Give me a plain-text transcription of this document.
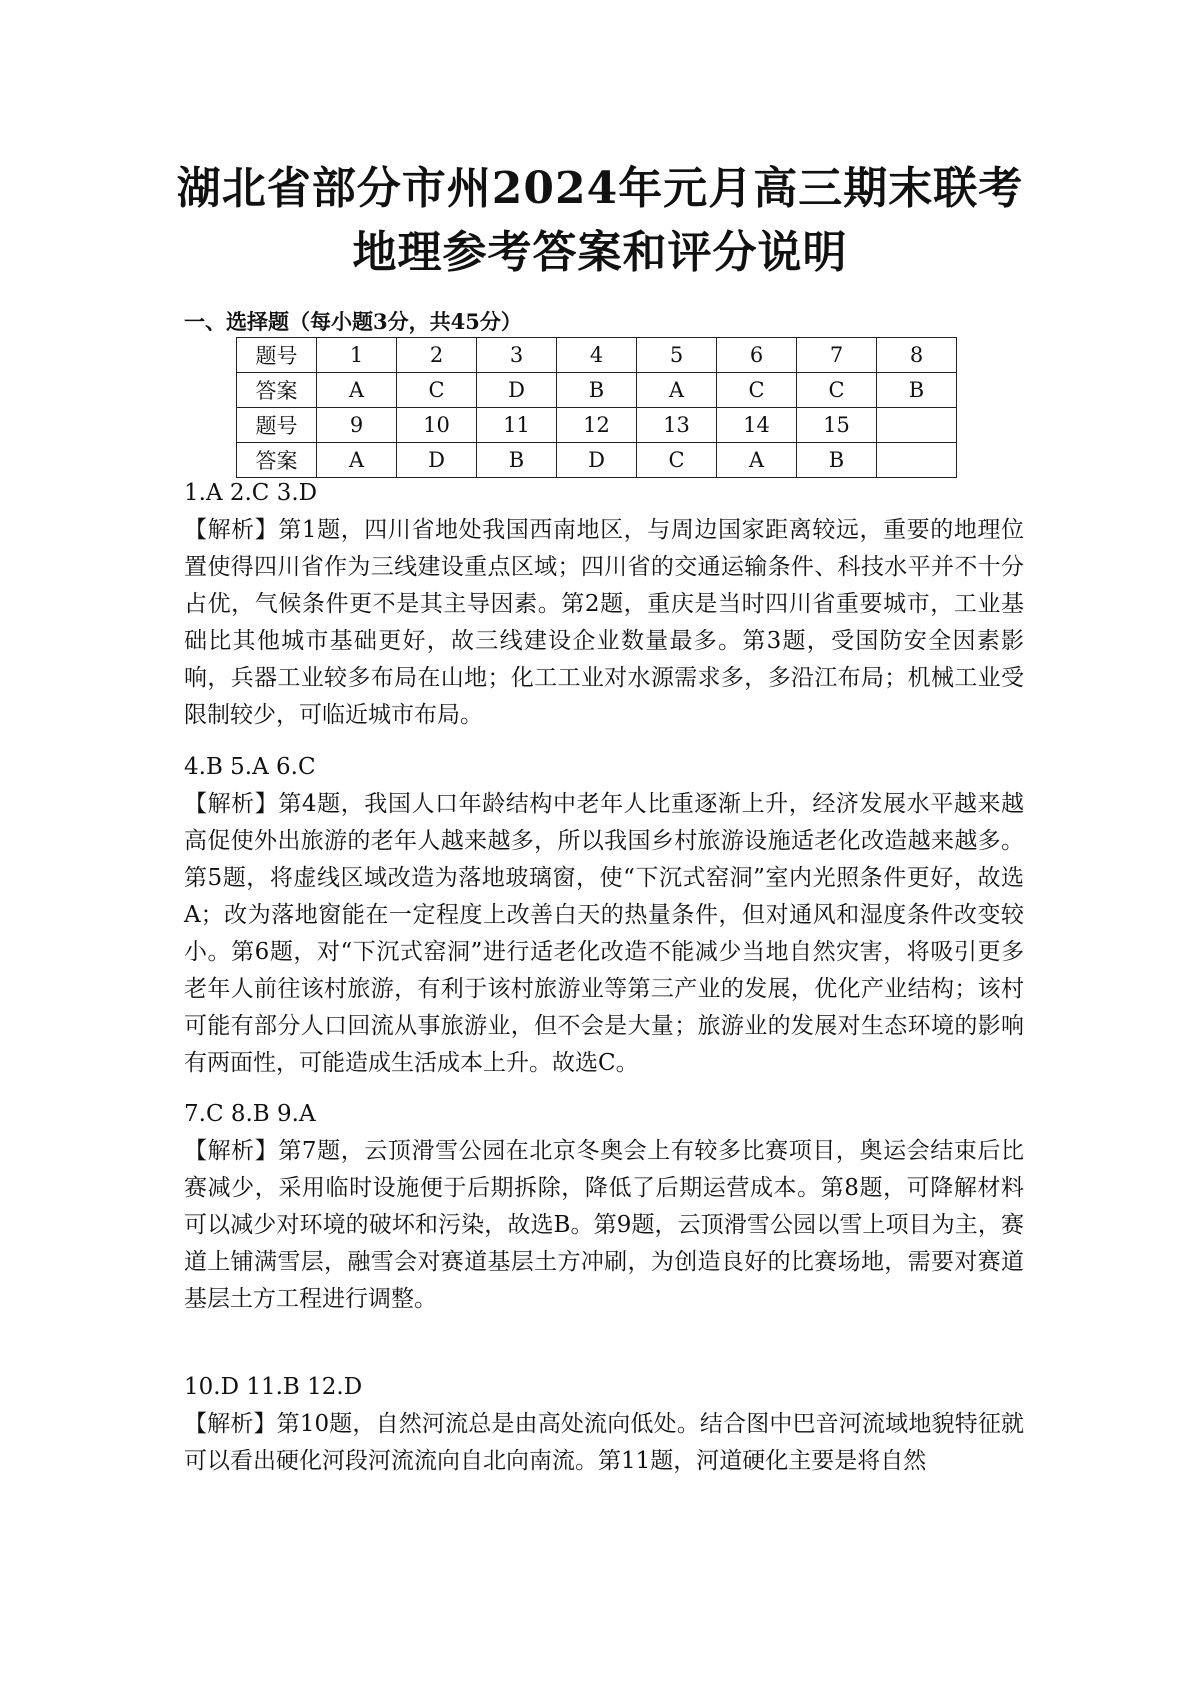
湖北省部分市州2024年元月高三期末联考
地理参考答案和评分说明
一、选择题（每小题3分，共45分）
题号	1	2	3	4	5	6	7	8
答案	A	C	D	B	A	C	C	B
题号	9	10	11	12	13	14	15	
答案	A	D	B	D	C	A	B	

1.A 2.C 3.D

【解析】第1题，四川省地处我国西南地区，与周边国家距离较远，重要的地理位置使得四川省作为三线建设重点区域；四川省的交通运输条件、科技水平并不十分占优，气候条件更不是其主导因素。第2题，重庆是当时四川省重要城市，工业基础比其他城市基础更好，故三线建设企业数量最多。第3题，受国防安全因素影响，兵器工业较多布局在山地；化工工业对水源需求多，多沿江布局；机械工业受限制较少，可临近城市布局。

4.B 5.A 6.C

【解析】第4题，我国人口年龄结构中老年人比重逐渐上升，经济发展水平越来越高促使外出旅游的老年人越来越多，所以我国乡村旅游设施适老化改造越来越多。第5题，将虚线区域改造为落地玻璃窗，使“下沉式窑洞”室内光照条件更好，故选A；改为落地窗能在一定程度上改善白天的热量条件，但对通风和湿度条件改变较小。第6题，对“下沉式窑洞”进行适老化改造不能减少当地自然灾害，将吸引更多老年人前往该村旅游，有利于该村旅游业等第三产业的发展，优化产业结构；该村可能有部分人口回流从事旅游业，但不会是大量；旅游业的发展对生态环境的影响有两面性，可能造成生活成本上升。故选C。

7.C 8.B 9.A

【解析】第7题，云顶滑雪公园在北京冬奥会上有较多比赛项目，奥运会结束后比赛减少，采用临时设施便于后期拆除，降低了后期运营成本。第8题，可降解材料可以减少对环境的破坏和污染，故选B。第9题，云顶滑雪公园以雪上项目为主，赛道上铺满雪层，融雪会对赛道基层土方冲刷，为创造良好的比赛场地，需要对赛道基层土方工程进行调整。

10.D 11.B 12.D

【解析】第10题，自然河流总是由高处流向低处。结合图中巴音河流域地貌特征就可以看出硬化河段河流流向自北向南流。第11题，河道硬化主要是将自然
